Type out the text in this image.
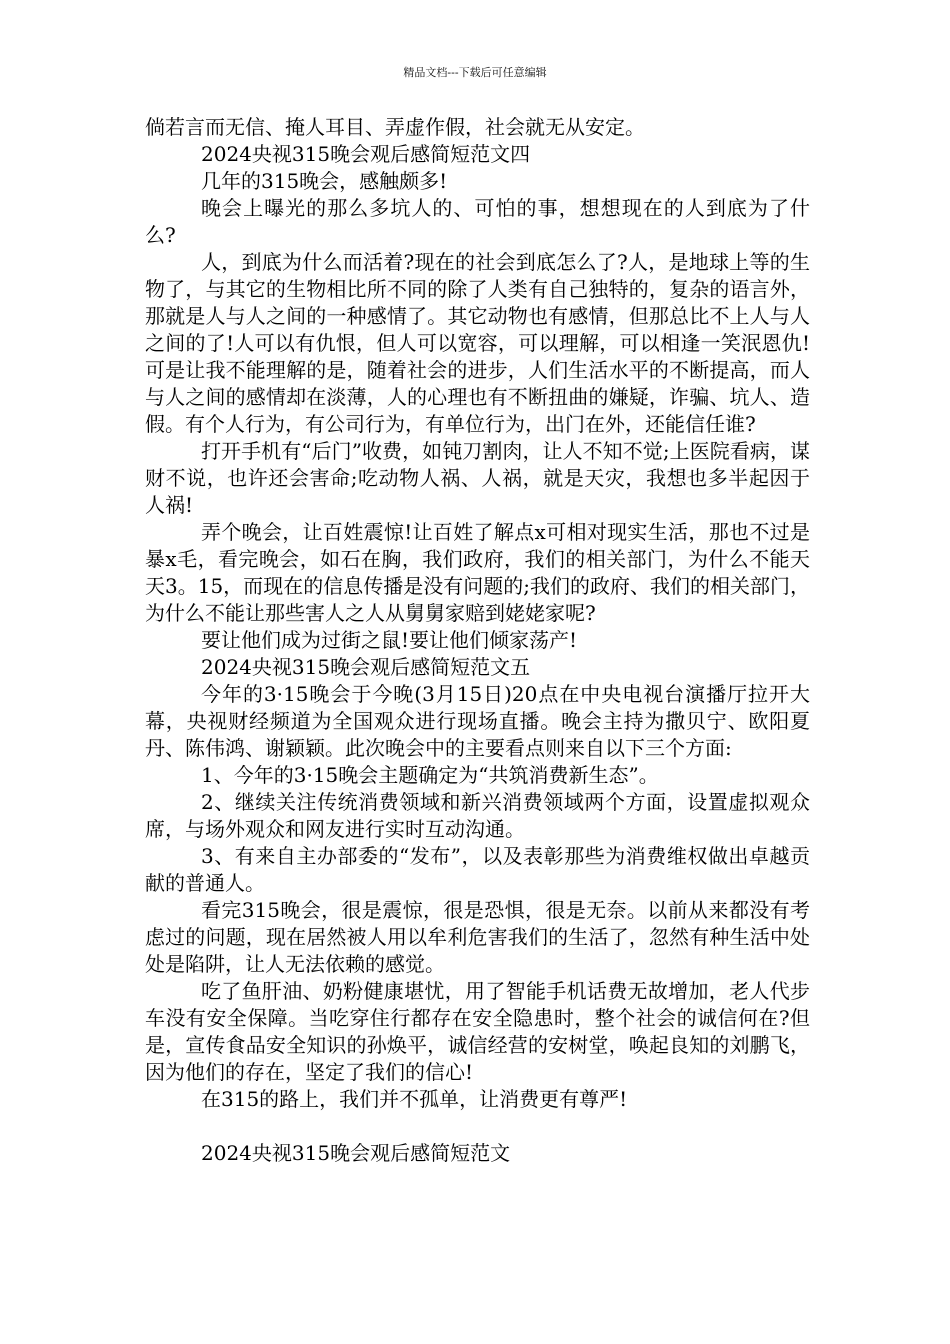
精品文档---下载后可任意编辑

倘若言而无信、掩人耳目、弄虚作假，社会就无从安定。

2024央视315晚会观后感简短范文四

几年的315晚会，感触颇多!

晚会上曝光的那么多坑人的、可怕的事，想想现在的人到底为了什么?

人，到底为什么而活着?现在的社会到底怎么了?人，是地球上等的生物了，与其它的生物相比所不同的除了人类有自己独特的，复杂的语言外，那就是人与人之间的一种感情了。其它动物也有感情，但那总比不上人与人之间的了!人可以有仇恨，但人可以宽容，可以理解，可以相逢一笑泯恩仇!可是让我不能理解的是，随着社会的进步，人们生活水平的不断提高，而人与人之间的感情却在淡薄，人的心理也有不断扭曲的嫌疑，诈骗、坑人、造假。有个人行为，有公司行为，有单位行为，出门在外，还能信任谁?

打开手机有“后门”收费，如钝刀割肉，让人不知不觉;上医院看病，谋财不说，也许还会害命;吃动物人祸、人祸，就是天灾，我想也多半起因于人祸!

弄个晚会，让百姓震惊!让百姓了解点x可相对现实生活，那也不过是暴x毛，看完晚会，如石在胸，我们政府，我们的相关部门，为什么不能天天3。15，而现在的信息传播是没有问题的;我们的政府、我们的相关部门，为什么不能让那些害人之人从舅舅家赔到姥姥家呢?

要让他们成为过街之鼠!要让他们倾家荡产!

2024央视315晚会观后感简短范文五

今年的3·15晚会于今晚(3月15日)20点在中央电视台演播厅拉开大幕，央视财经频道为全国观众进行现场直播。晚会主持为撒贝宁、欧阳夏丹、陈伟鸿、谢颖颖。此次晚会中的主要看点则来自以下三个方面:

1、今年的3·15晚会主题确定为“共筑消费新生态”。

2、继续关注传统消费领域和新兴消费领域两个方面，设置虚拟观众席，与场外观众和网友进行实时互动沟通。

3、有来自主办部委的“发布”，以及表彰那些为消费维权做出卓越贡献的普通人。

看完315晚会，很是震惊，很是恐惧，很是无奈。以前从来都没有考虑过的问题，现在居然被人用以牟利危害我们的生活了，忽然有种生活中处处是陷阱，让人无法依赖的感觉。

吃了鱼肝油、奶粉健康堪忧，用了智能手机话费无故增加，老人代步车没有安全保障。当吃穿住行都存在安全隐患时，整个社会的诚信何在?但是，宣传食品安全知识的孙焕平，诚信经营的安树堂，唤起良知的刘鹏飞，因为他们的存在，坚定了我们的信心!

在315的路上，我们并不孤单，让消费更有尊严!

2024央视315晚会观后感简短范文
